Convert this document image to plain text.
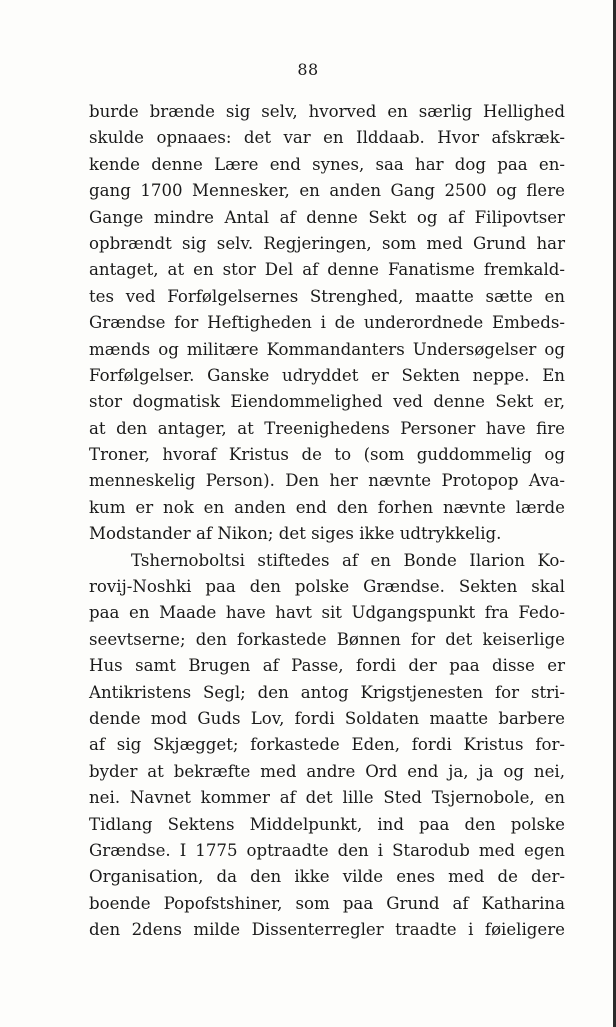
88
burde brænde sig selv, hvorved en særlig Hellighed
skulde opnaaes: det var en Ilddaab. Hvor afskræk-
kende denne Lære end synes, saa har dog paa en-
gang 1700 Mennesker, en anden Gang 2500 og flere
Gange mindre Antal af denne Sekt og af Filipovtser
opbrændt sig selv. Regjeringen, som med Grund har
antaget, at en stor Del af denne Fanatisme fremkald-
tes ved Forfølgelsernes Strenghed, maatte sætte en
Grændse for Heftigheden i de underordnede Embeds-
mænds og militære Kommandanters Undersøgelser og
Forfølgelser. Ganske udryddet er Sekten neppe. En
stor dogmatisk Eiendommelighed ved denne Sekt er,
at den antager, at Treenighedens Personer have fire
Troner, hvoraf Kristus de to (som guddommelig og
menneskelig Person). Den her nævnte Protopop Ava-
kum er nok en anden end den forhen nævnte lærde
Modstander af Nikon; det siges ikke udtrykkelig.
Tshernoboltsi stiftedes af en Bonde Ilarion Ko-
rovij-Noshki paa den polske Grændse. Sekten skal
paa en Maade have havt sit Udgangspunkt fra Fedo-
seevtserne; den forkastede Bønnen for det keiserlige
Hus samt Brugen af Passe, fordi der paa disse er
Antikristens Segl; den antog Krigstjenesten for stri-
dende mod Guds Lov, fordi Soldaten maatte barbere
af sig Skjægget; forkastede Eden, fordi Kristus for-
byder at bekræfte med andre Ord end ja, ja og nei,
nei. Navnet kommer af det lille Sted Tsjernobole, en
Tidlang Sektens Middelpunkt, ind paa den polske
Grændse. I 1775 optraadte den i Starodub med egen
Organisation, da den ikke vilde enes med de der-
boende Popofstshiner, som paa Grund af Katharina
den 2dens milde Dissenterregler traadte i føieligere
